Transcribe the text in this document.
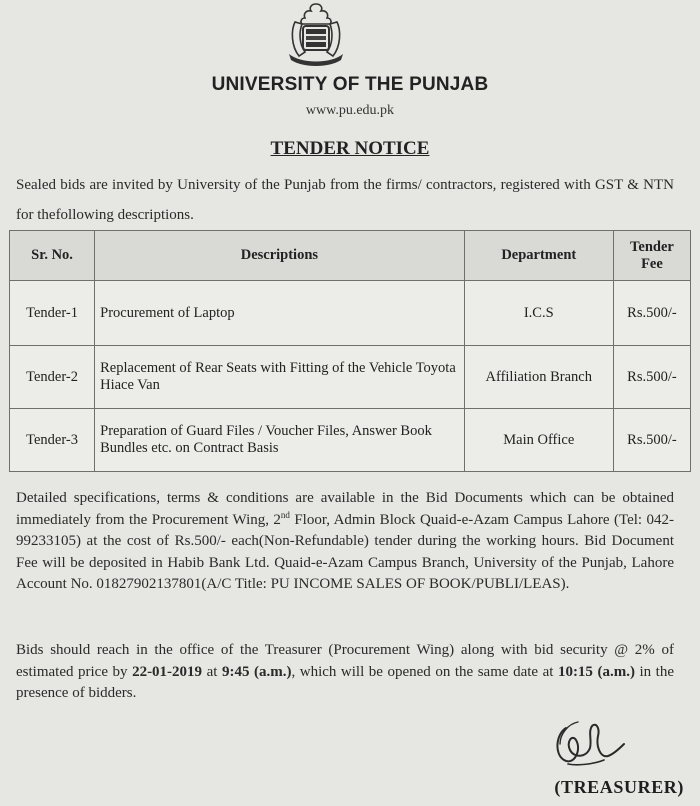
UNIVERSITY OF THE PUNJAB
www.pu.edu.pk
TENDER NOTICE
Sealed bids are invited by University of the Punjab from the firms/ contractors, registered with GST & NTN for thefollowing descriptions.
Sr. No.	Descriptions	Department	Tender Fee
Tender-1	Procurement of Laptop	I.C.S	Rs.500/-
Tender-2	Replacement of Rear Seats with Fitting of the Vehicle Toyota Hiace Van	Affiliation Branch	Rs.500/-
Tender-3	Preparation of Guard Files / Voucher Files, Answer Book Bundles etc. on Contract Basis	Main Office	Rs.500/-
Detailed specifications, terms & conditions are available in the Bid Documents which can be obtained immediately from the Procurement Wing, 2nd Floor, Admin Block Quaid-e-Azam Campus Lahore (Tel: 042-99233105) at the cost of Rs.500/- each(Non-Refundable) tender during the working hours. Bid Document Fee will be deposited in Habib Bank Ltd. Quaid-e-Azam Campus Branch, University of the Punjab, Lahore Account No. 01827902137801(A/C Title: PU INCOME SALES OF BOOK/PUBLI/LEAS).
Bids should reach in the office of the Treasurer (Procurement Wing) along with bid security @ 2% of estimated price by 22-01-2019 at 9:45 (a.m.), which will be opened on the same date at 10:15 (a.m.) in the presence of bidders.
(TREASURER)
